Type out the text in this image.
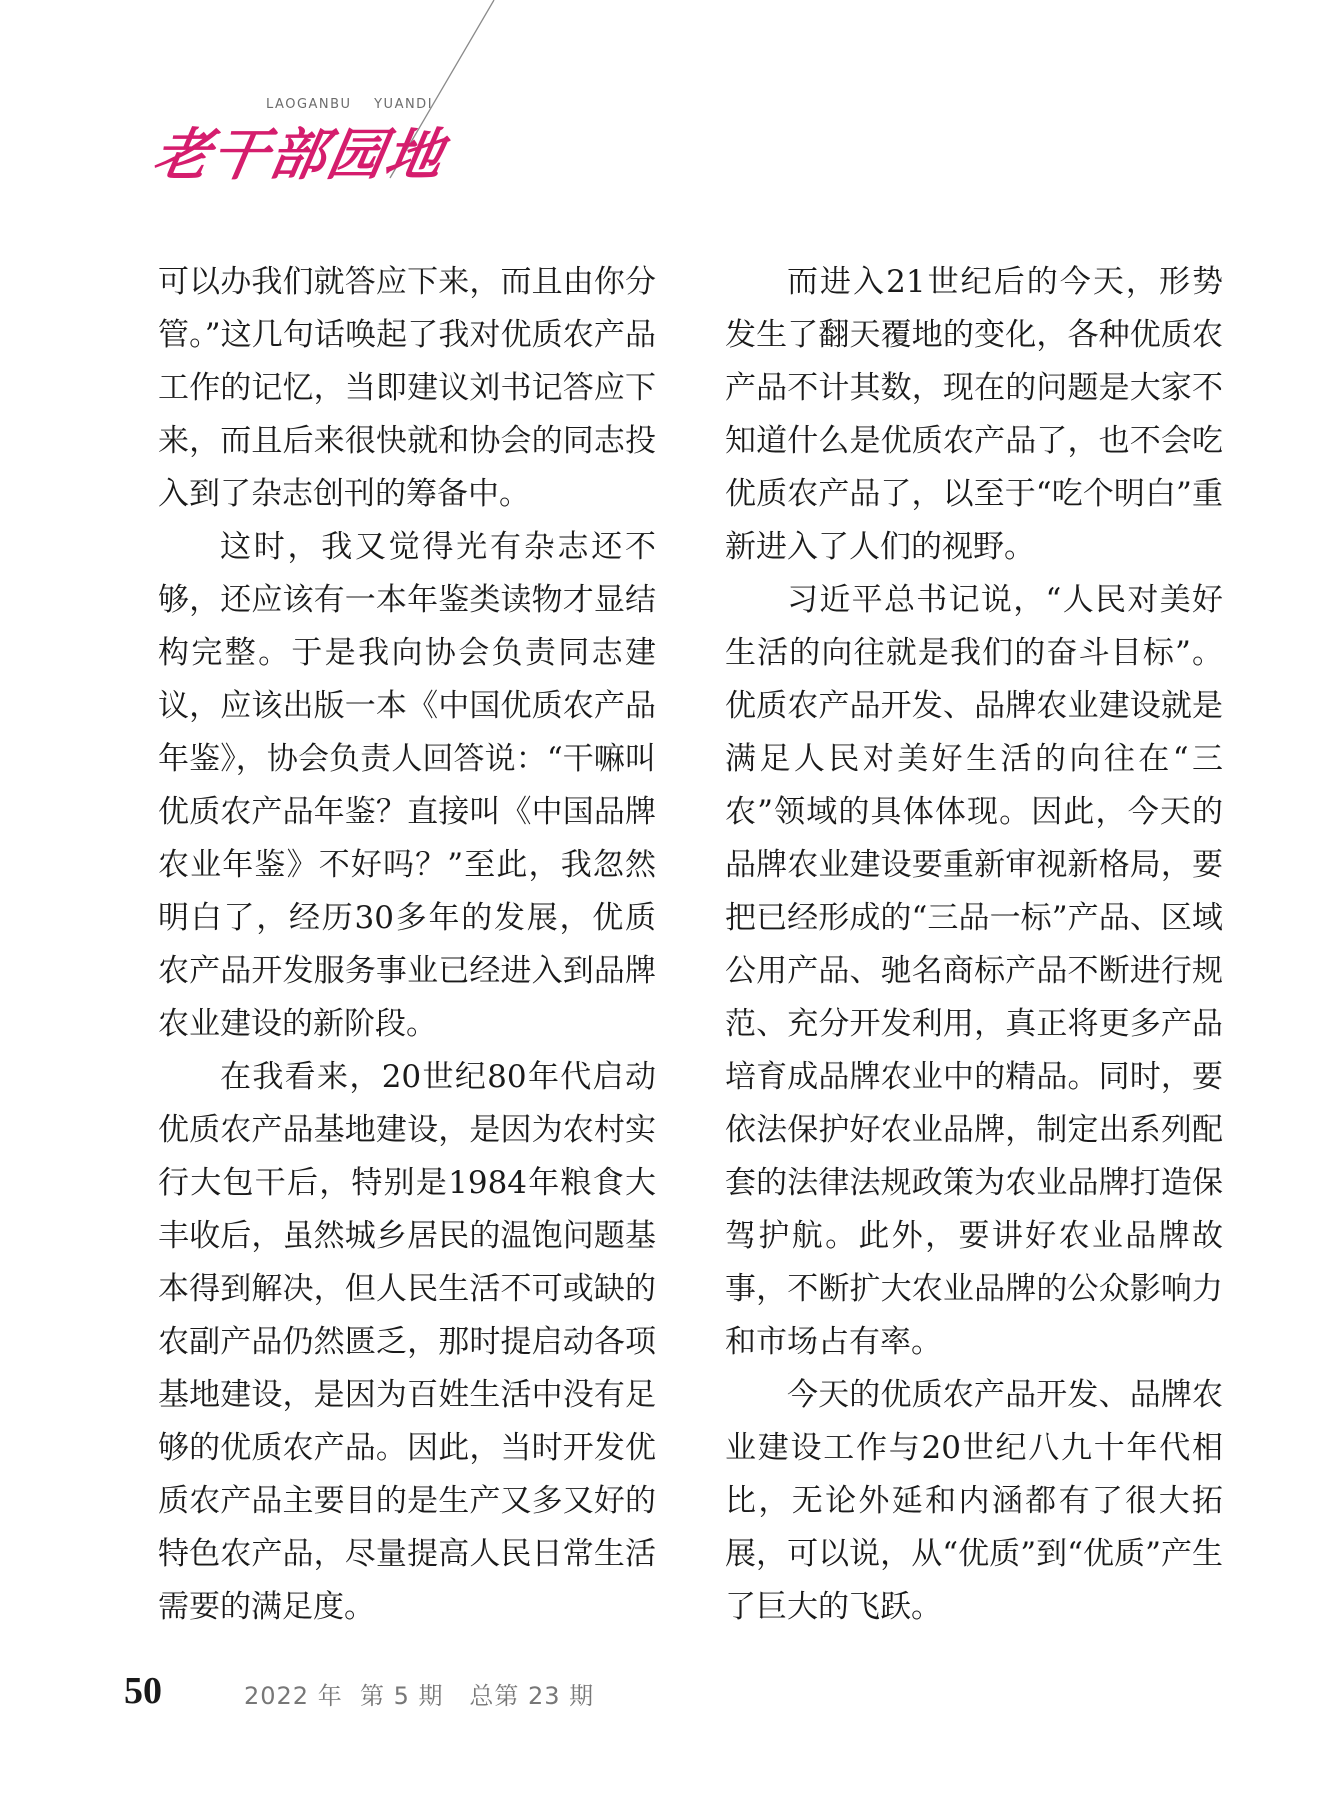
LAOGANBU YUANDI
老干部园地

可以办我们就答应下来，而且由你分管。”这几句话唤起了我对优质农产品工作的记忆，当即建议刘书记答应下来，而且后来很快就和协会的同志投入到了杂志创刊的筹备中。

这时，我又觉得光有杂志还不够，还应该有一本年鉴类读物才显结构完整。于是我向协会负责同志建议，应该出版一本《中国优质农产品年鉴》，协会负责人回答说：“干嘛叫优质农产品年鉴？直接叫《中国品牌农业年鉴》不好吗？”至此，我忽然明白了，经历30多年的发展，优质农产品开发服务事业已经进入到品牌农业建设的新阶段。

在我看来，20世纪80年代启动优质农产品基地建设，是因为农村实行大包干后，特别是1984年粮食大丰收后，虽然城乡居民的温饱问题基本得到解决，但人民生活不可或缺的农副产品仍然匮乏，那时提启动各项基地建设，是因为百姓生活中没有足够的优质农产品。因此，当时开发优质农产品主要目的是生产又多又好的特色农产品，尽量提高人民日常生活需要的满足度。

而进入21世纪后的今天，形势发生了翻天覆地的变化，各种优质农产品不计其数，现在的问题是大家不知道什么是优质农产品了，也不会吃优质农产品了，以至于“吃个明白”重新进入了人们的视野。

习近平总书记说，“人民对美好生活的向往就是我们的奋斗目标”。优质农产品开发、品牌农业建设就是满足人民对美好生活的向往在“三农”领域的具体体现。因此，今天的品牌农业建设要重新审视新格局，要把已经形成的“三品一标”产品、区域公用产品、驰名商标产品不断进行规范、充分开发利用，真正将更多产品培育成品牌农业中的精品。同时，要依法保护好农业品牌，制定出系列配套的法律法规政策为农业品牌打造保驾护航。此外，要讲好农业品牌故事，不断扩大农业品牌的公众影响力和市场占有率。

今天的优质农产品开发、品牌农业建设工作与20世纪八九十年代相比，无论外延和内涵都有了很大拓展，可以说，从“优质”到“优质”产生了巨大的飞跃。

50	2022 年  第 5 期   总第 23 期
